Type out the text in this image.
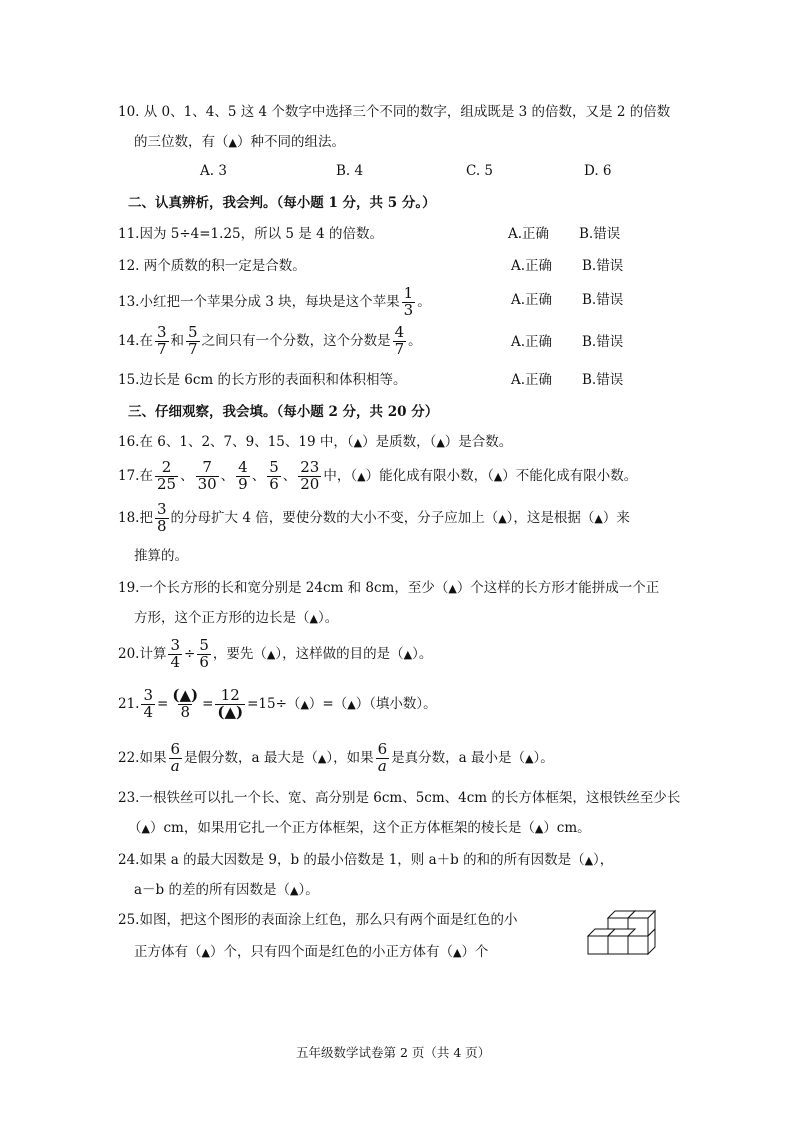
10. 从 0、1、4、5 这 4 个数字中选择三个不同的数字，组成既是 3 的倍数，又是 2 的倍数
的三位数，有（▲）种不同的组法。
A. 3	B. 4	C. 5	D. 6
二、认真辨析，我会判。（每小题 1 分，共 5 分。）
11.因为 5÷4=1.25，所以 5 是 4 的倍数。	A.正确 B.错误
12. 两个质数的积一定是合数。	A.正确 B.错误
13.小红把一个苹果分成 3 块，每块是这个苹果 $\frac{1}{3}$ 。	A.正确 B.错误
14.在 $\frac{3}{7}$ 和 $\frac{5}{7}$ 之间只有一个分数，这个分数是 $\frac{4}{7}$ 。	A.正确 B.错误
15.边长是 6cm 的长方形的表面积和体积相等。	A.正确 B.错误
三、仔细观察，我会填。（每小题 2 分，共 20 分）
16.在 6、1、2、7、9、15、19 中，（▲）是质数，（▲）是合数。
17.在 $\frac{2}{25}$ 、 $\frac{7}{30}$ 、 $\frac{4}{9}$ 、 $\frac{5}{6}$ 、 $\frac{23}{20}$ 中，（▲）能化成有限小数，（▲）不能化成有限小数。
18.把 $\frac{3}{8}$ 的分母扩大 4 倍，要使分数的大小不变，分子应加上（▲），这是根据（▲）来
推算的。
19.一个长方形的长和宽分别是 24cm 和 8cm，至少（▲）个这样的长方形才能拼成一个正
方形，这个正方形的边长是（▲）。
20.计算 $\frac{3}{4} \div \frac{5}{6}$ ，要先（▲），这样做的目的是（▲）。
21. $\frac{3}{4}$ = (▲)
8 = 12
(▲) =15÷（▲）=（▲）（填小数）。
22.如果 $\frac{6}{a}$ 是假分数，a 最大是（▲），如果 $\frac{6}{a}$ 是真分数，a 最小是（▲）。
23.一根铁丝可以扎一个长、宽、高分别是 6cm、5cm、4cm 的长方体框架，这根铁丝至少长
（▲）cm，如果用它扎一个正方体框架，这个正方体框架的棱长是（▲）cm。
24.如果 a 的最大因数是 9，b 的最小倍数是 1，则 a＋b 的和的所有因数是（▲），
a－b 的差的所有因数是（▲）。
25.如图，把这个图形的表面涂上红色，那么只有两个面是红色的小
正方体有（▲）个，只有四个面是红色的小正方体有（▲）个
五年级数学试卷第 2 页（共 4 页）
